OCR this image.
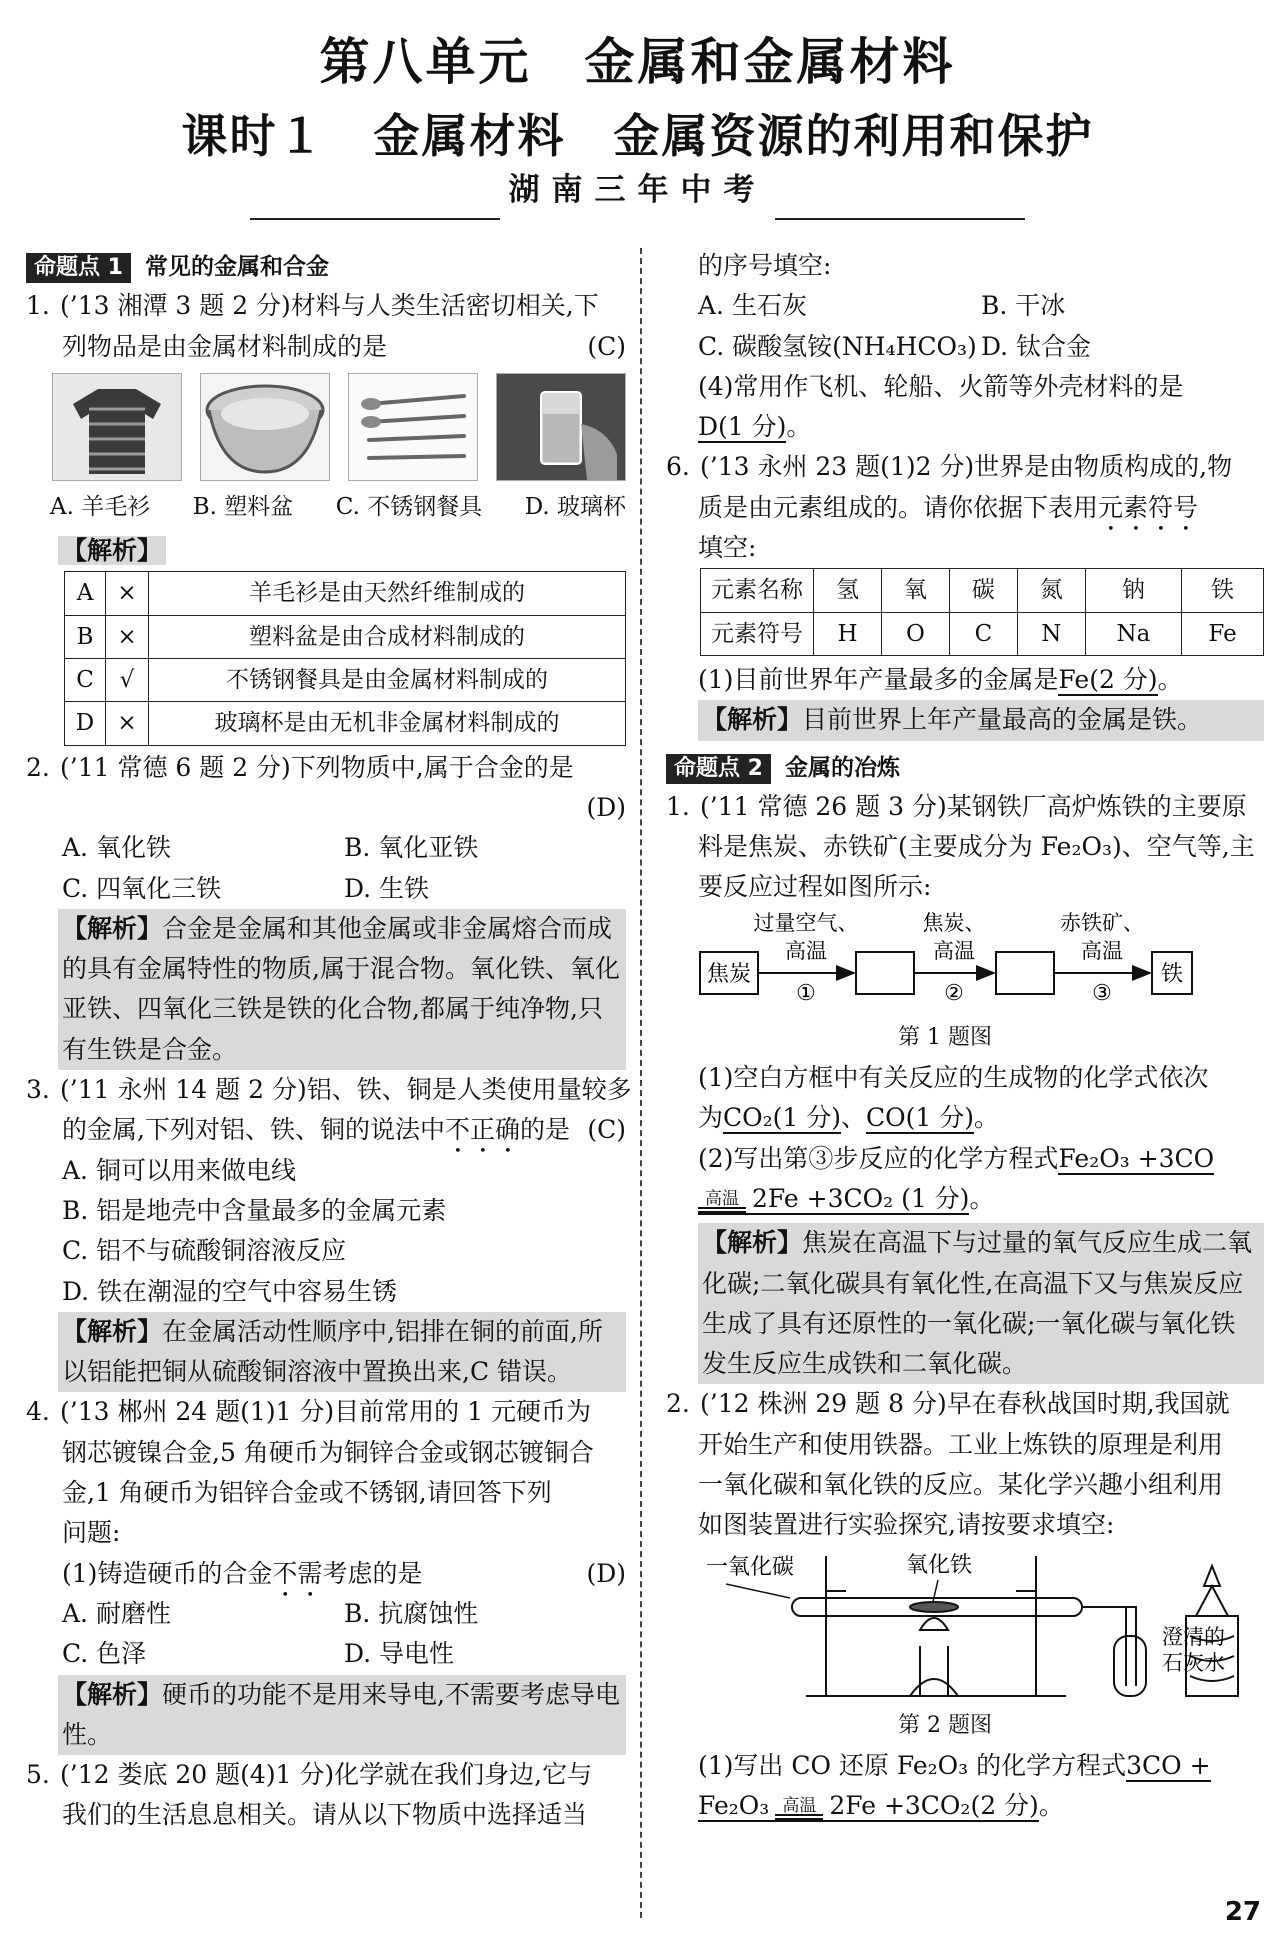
第八单元　金属和金属材料
课时１　金属材料　金属资源的利用和保护
湖南三年中考
命题点 1 常见的金属和合金
1. (’13 湘潭 3 题 2 分)材料与人类生活密切相关,下
列物品是由金属材料制成的是	(C)
A. 羊毛衫 B. 塑料盆 C. 不锈钢餐具 D. 玻璃杯
【解析】
A	×	羊毛衫是由天然纤维制成的
B	×	塑料盆是由合成材料制成的
C	√	不锈钢餐具是由金属材料制成的
D	×	玻璃杯是由无机非金属材料制成的
2. (’11 常德 6 题 2 分)下列物质中,属于合金的是
(D)
A. 氧化铁	B. 氧化亚铁
C. 四氧化三铁	D. 生铁
【解析】合金是金属和其他金属或非金属熔合而成的具有金属特性的物质,属于混合物。氧化铁、氧化亚铁、四氧化三铁是铁的化合物,都属于纯净物,只有生铁是合金。
3. (’11 永州 14 题 2 分)铝、铁、铜是人类使用量较多
的金属,下列对铝、铁、铜的说法中不正确的是 (C)
A. 铜可以用来做电线
B. 铝是地壳中含量最多的金属元素
C. 铝不与硫酸铜溶液反应
D. 铁在潮湿的空气中容易生锈
【解析】在金属活动性顺序中,铝排在铜的前面,所以铝能把铜从硫酸铜溶液中置换出来,C 错误。
4. (’13 郴州 24 题(1)1 分)目前常用的 1 元硬币为
钢芯镀镍合金,5 角硬币为铜锌合金或钢芯镀铜合
金,1 角硬币为铝锌合金或不锈钢,请回答下列
问题:
(1)铸造硬币的合金不需考虑的是	(D)
A. 耐磨性	B. 抗腐蚀性
C. 色泽	D. 导电性
【解析】硬币的功能不是用来导电,不需要考虑导电性。
5. (’12 娄底 20 题(4)1 分)化学就在我们身边,它与
我们的生活息息相关。请从以下物质中选择适当
的序号填空:
A. 生石灰	B. 干冰
C. 碳酸氢铵(NH₄HCO₃) D. 钛合金
(4)常用作飞机、轮船、火箭等外壳材料的是
D(1 分)。
6. (’13 永州 23 题(1)2 分)世界是由物质构成的,物
质是由元素组成的。请你依据下表用元素符号
填空:
元素名称	氢	氧	碳	氮	钠	铁
元素符号	H	O	C	N	Na	Fe
(1)目前世界年产量最多的金属是Fe(2 分)。
【解析】目前世界上年产量最高的金属是铁。
命题点 2 金属的冶炼
1. (’11 常德 26 题 3 分)某钢铁厂高炉炼铁的主要原
料是焦炭、赤铁矿(主要成分为 Fe₂O₃)、空气等,主
要反应过程如图所示:
焦炭
过量空气、
高温
①
焦炭、
高温
②
赤铁矿、
高温
③
铁
第 1 题图
(1)空白方框中有关反应的生成物的化学式依次
为CO₂(1 分)、CO(1 分)。
(2)写出第③步反应的化学方程式Fe₂O₃ +3CO
高温 2Fe +3CO₂ (1 分)。
【解析】焦炭在高温下与过量的氧气反应生成二氧化碳;二氧化碳具有氧化性,在高温下又与焦炭反应生成了具有还原性的一氧化碳;一氧化碳与氧化铁发生反应生成铁和二氧化碳。
2. (’12 株洲 29 题 8 分)早在春秋战国时期,我国就
开始生产和使用铁器。工业上炼铁的原理是利用
一氧化碳和氧化铁的反应。某化学兴趣小组利用
如图装置进行实验探究,请按要求填空:
一氧化碳	氧化铁
澄清的
石灰水
第 2 题图
(1)写出 CO 还原 Fe₂O₃ 的化学方程式3CO +
Fe₂O₃ 高温 2Fe +3CO₂(2 分)。
27
